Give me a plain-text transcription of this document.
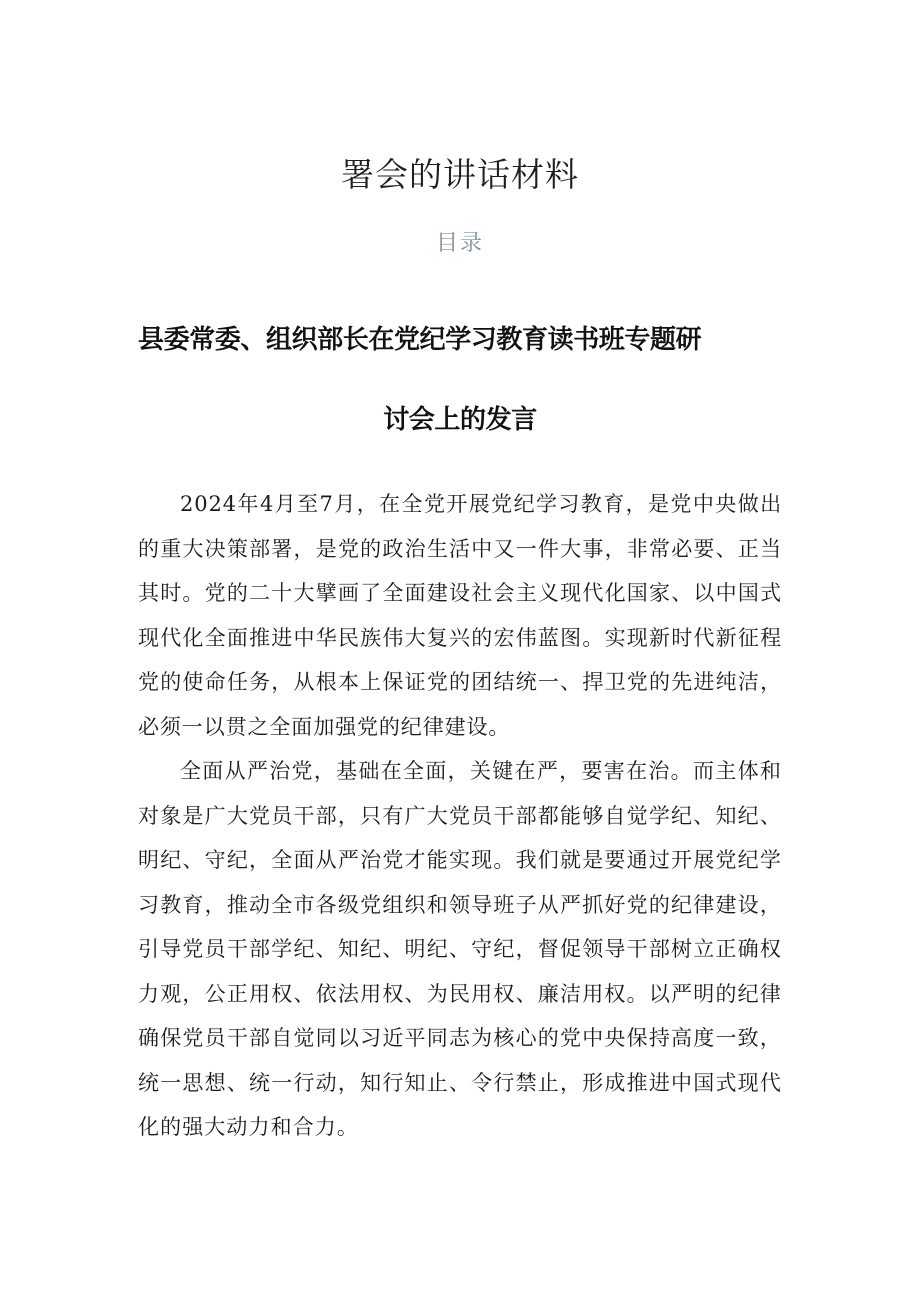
署会的讲话材料
目录
县委常委、组织部长在党纪学习教育读书班专题研
讨会上的发言

2024年4月至7月，在全党开展党纪学习教育，是党中央做出的重大决策部署，是党的政治生活中又一件大事，非常必要、正当其时。党的二十大擘画了全面建设社会主义现代化国家、以中国式现代化全面推进中华民族伟大复兴的宏伟蓝图。实现新时代新征程党的使命任务，从根本上保证党的团结统一、捍卫党的先进纯洁，必须一以贯之全面加强党的纪律建设。

全面从严治党，基础在全面，关键在严，要害在治。而主体和对象是广大党员干部，只有广大党员干部都能够自觉学纪、知纪、明纪、守纪，全面从严治党才能实现。我们就是要通过开展党纪学习教育，推动全市各级党组织和领导班子从严抓好党的纪律建设，引导党员干部学纪、知纪、明纪、守纪，督促领导干部树立正确权力观，公正用权、依法用权、为民用权、廉洁用权。以严明的纪律确保党员干部自觉同以习近平同志为核心的党中央保持高度一致，统一思想、统一行动，知行知止、令行禁止，形成推进中国式现代化的强大动力和合力。
